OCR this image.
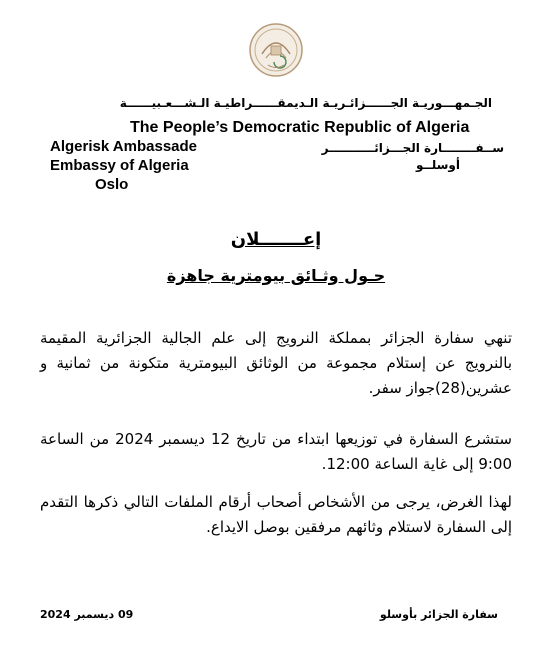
الجـمهـــوريـة الجــــــزائـريـة الـديمقــــــراطيـة الـشـــعـبيــــــة
The People’s Democratic Republic of Algeria
Algerisk Ambassade
Embassy of Algeria
Oslo
ســفــــــــارة الجـــزائـــــــــــر
أوسلــو
إعـــــــلان
حـول وثـائق بيومترية جاهزة
تنهي سفارة الجزائر بمملكة النرويج إلى علم الجالية الجزائرية المقيمة بالنرويج عن إستلام مجموعة من الوثائق البيومترية متكونة من ثمانية و عشرين(28)جواز سفر.
ستشرع السفارة في توزيعها ابتداء من تاريخ 12 ديسمبر 2024 من الساعة 9:00 إلى غاية الساعة 12:00.
لهذا الغرض، يرجى من الأشخاص أصحاب أرقام الملفات التالي ذكرها التقدم إلى السفارة لاستلام وثائهم مرفقين بوصل الايداع.
سفارة الجزائر بأوسلو
09 ديسمبر 2024
